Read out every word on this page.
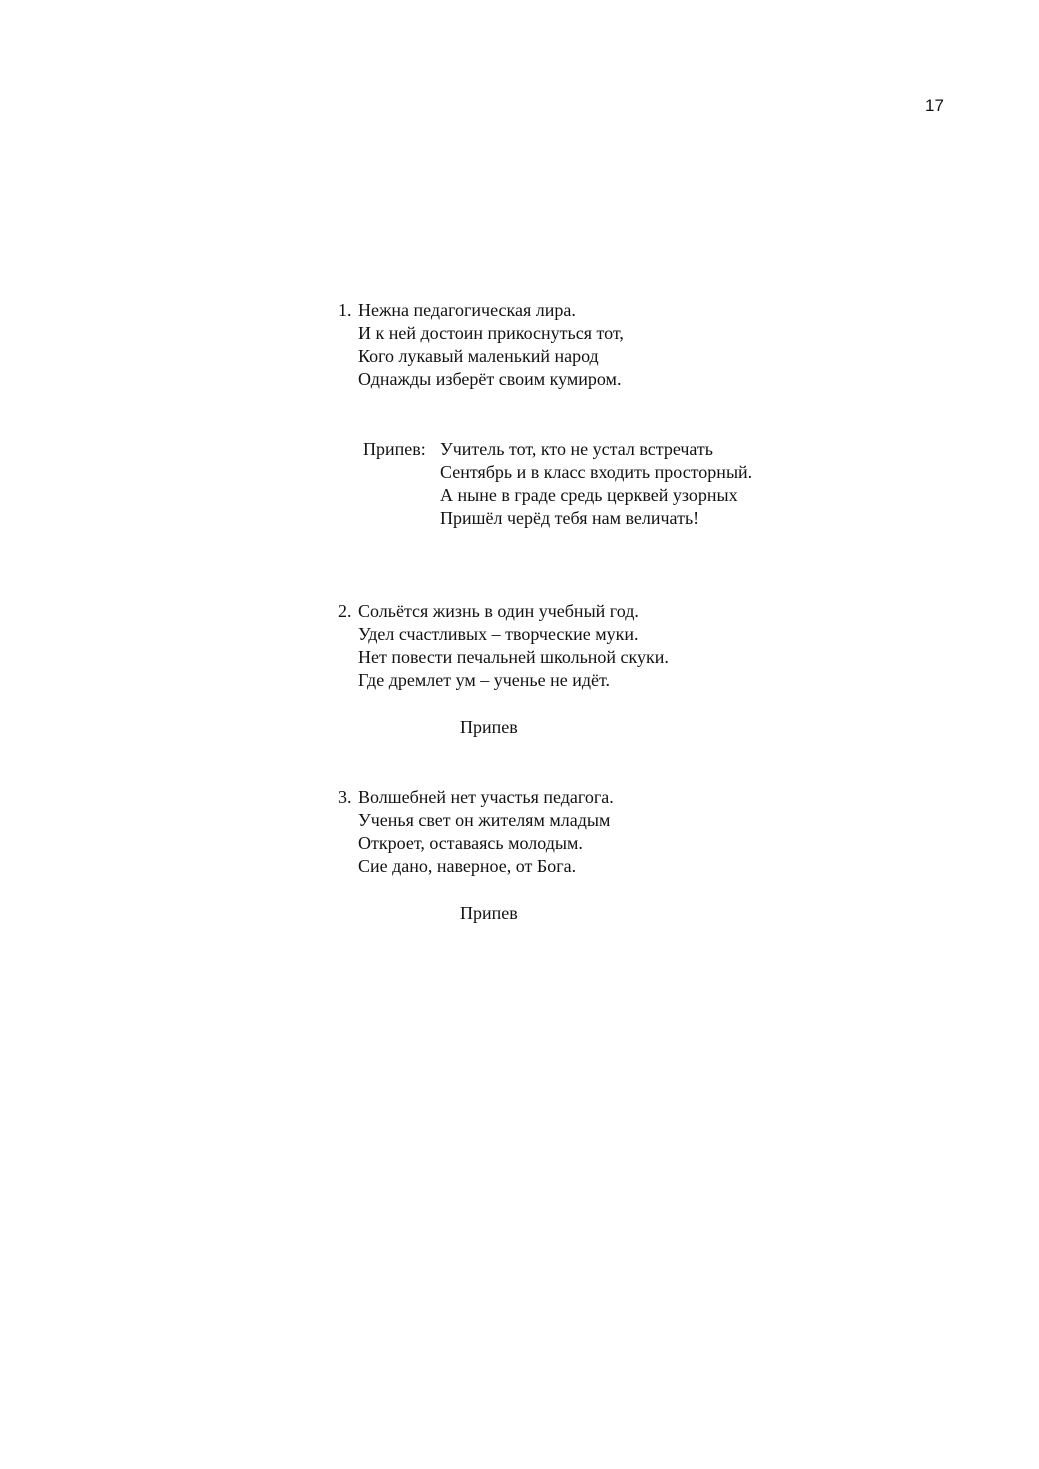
17
1. Нежна педагогическая лира.
И к ней достоин прикоснуться тот,
Кого лукавый маленький народ
Однажды изберёт своим кумиром.
Припев: Учитель тот, кто не устал встречать
Сентябрь и в класс входить просторный.
А ныне в граде средь церквей узорных
Пришёл черёд тебя нам величать!
2. Сольётся жизнь в один учебный год.
Удел счастливых – творческие муки.
Нет повести печальней школьной скуки.
Где дремлет ум – ученье не идёт.
Припев
3. Волшебней нет участья педагога.
Ученья свет он жителям младым
Откроет, оставаясь молодым.
Сие дано, наверное, от Бога.
Припев
